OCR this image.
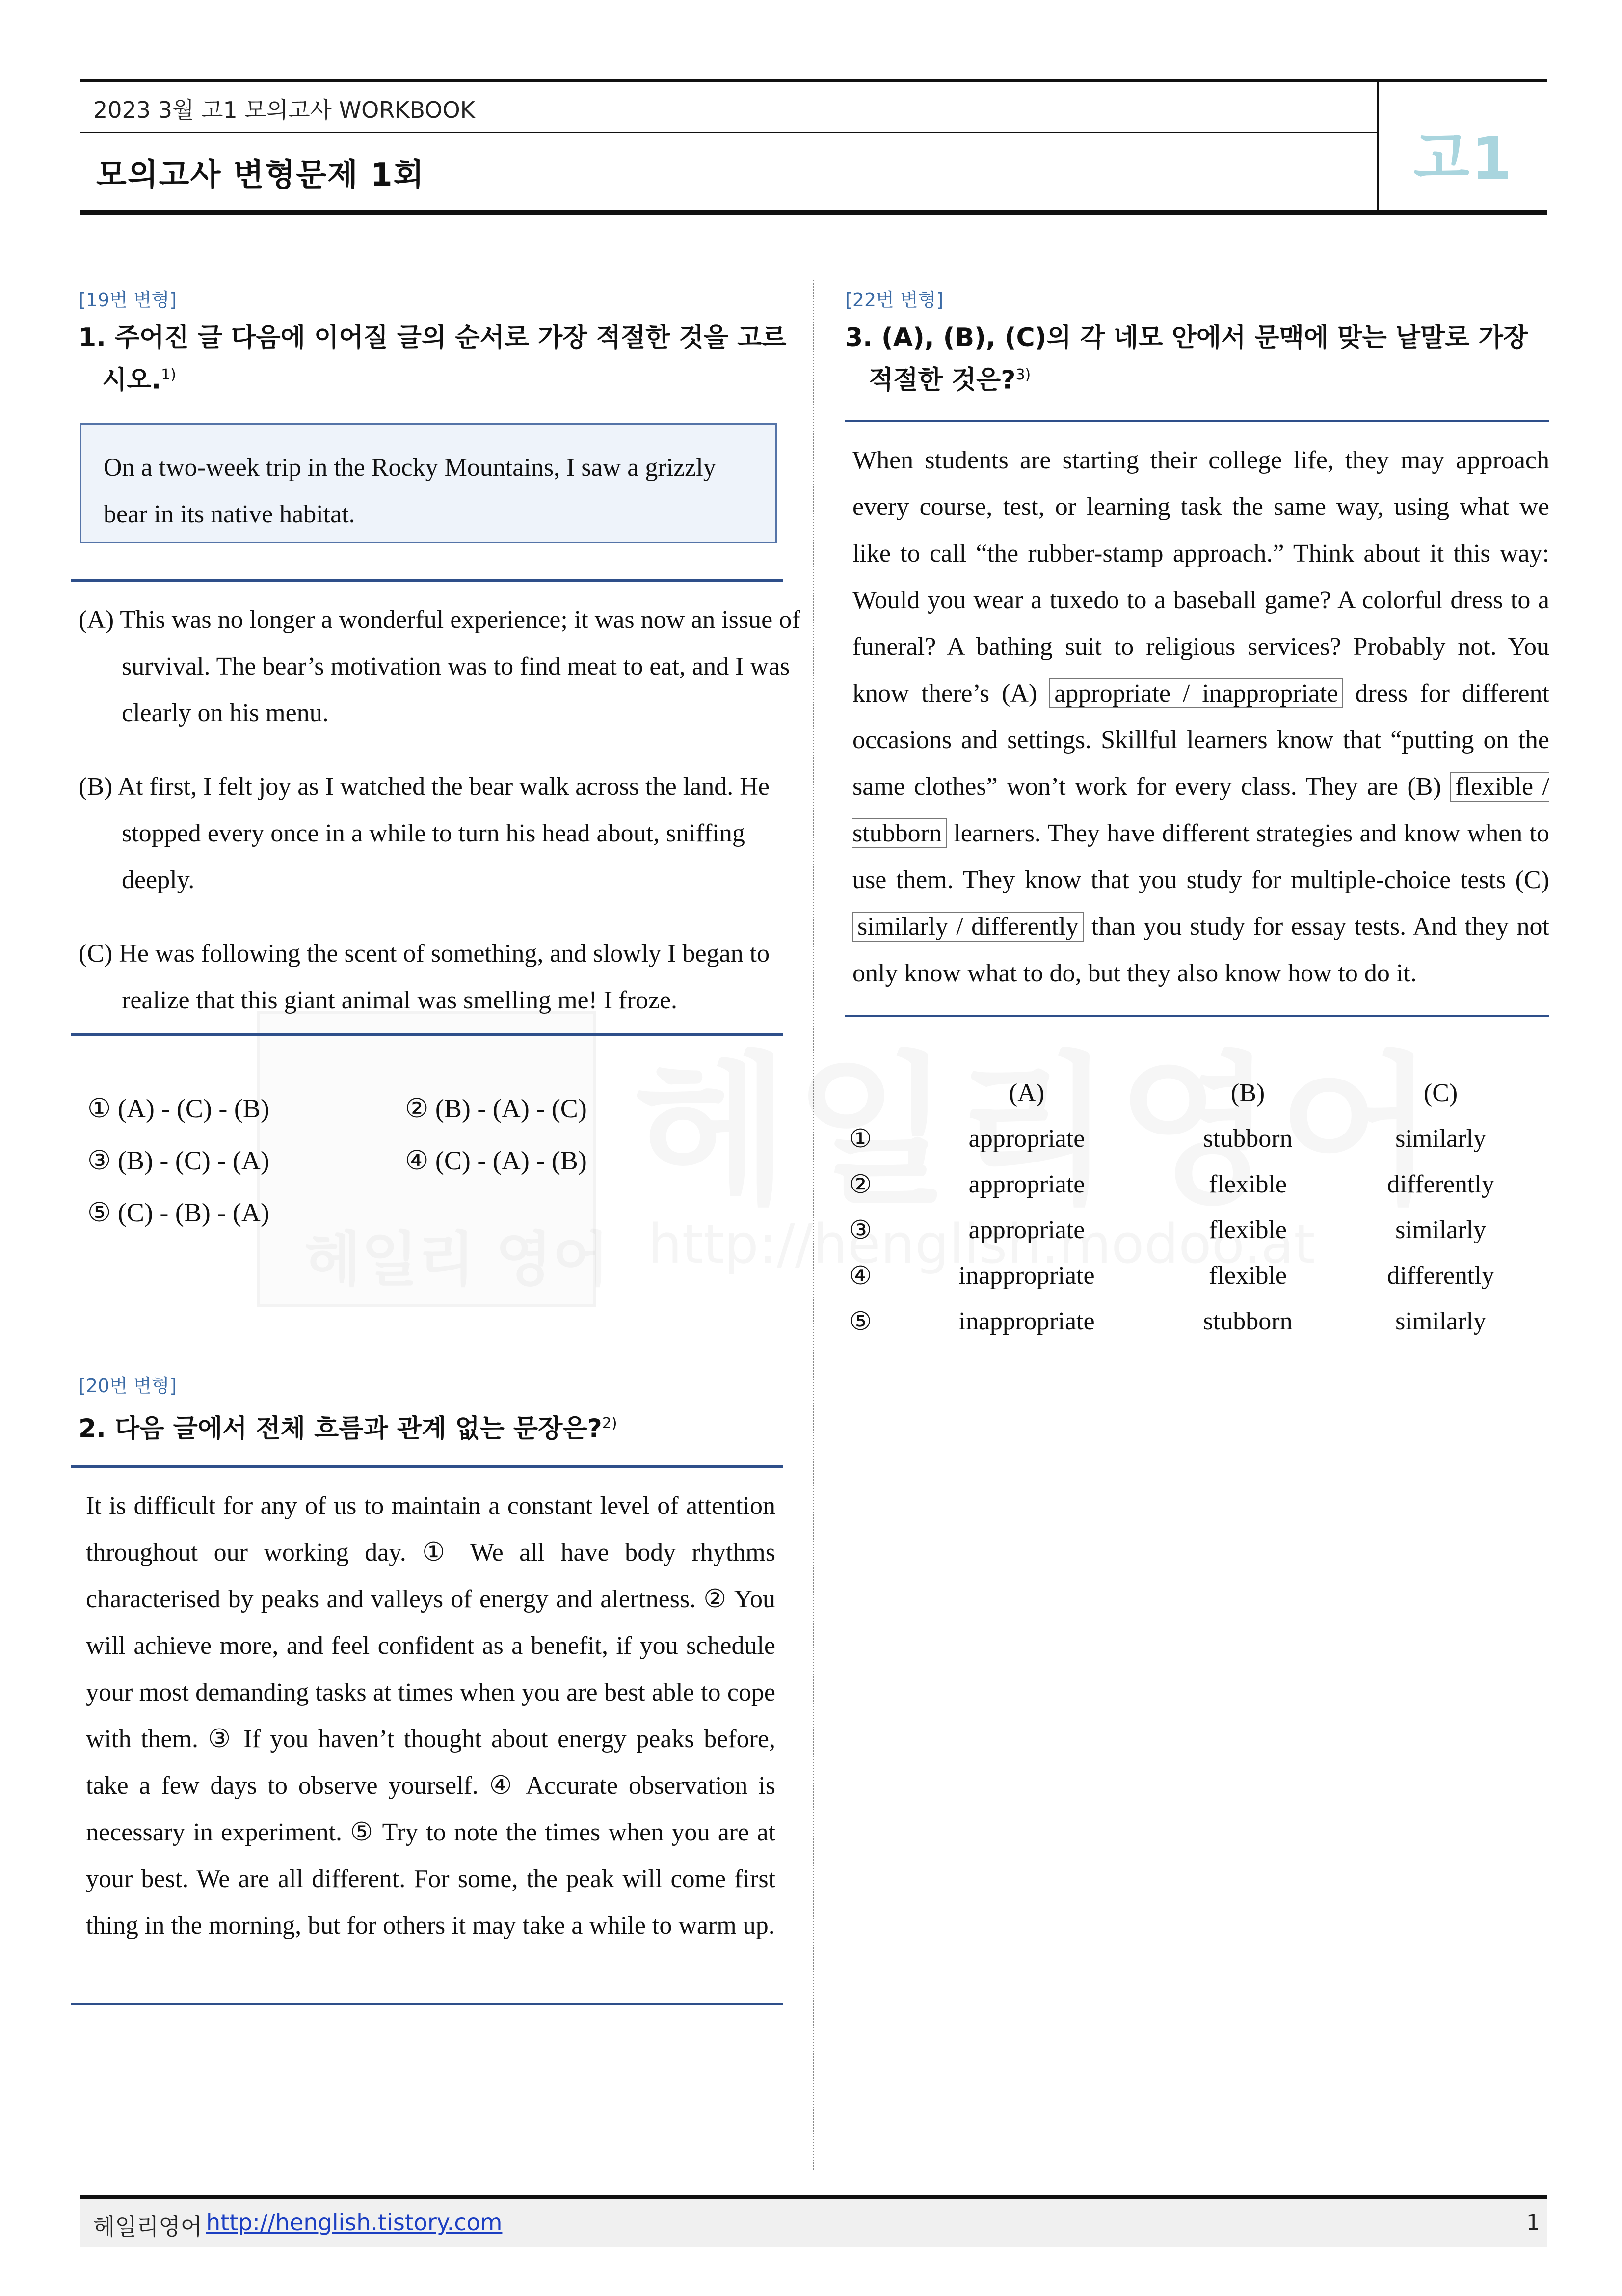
2023 3월 고1 모의고사 WORKBOOK
모의고사 변형문제 1회	고1
[19번 변형]
1. 주어진 글 다음에 이어질 글의 순서로 가장 적절한 것을 고르시오.$^{1)}$
On a two-week trip in the Rocky Mountains, I saw a grizzly bear in its native habitat.
(A) This was no longer a wonderful experience; it was now an issue of survival. The bear’s motivation was to find meat to eat, and I was clearly on his menu.
(B) At first, I felt joy as I watched the bear walk across the land. He stopped every once in a while to turn his head about, sniffing deeply.
(C) He was following the scent of something, and slowly I began to realize that this giant animal was smelling me! I froze.
① (A) - (C) - (B)	② (B) - (A) - (C)
③ (B) - (C) - (A)	④ (C) - (A) - (B)
⑤ (C) - (B) - (A)
[20번 변형]
2. 다음 글에서 전체 흐름과 관계 없는 문장은?$^{2)}$
It is difficult for any of us to maintain a constant level of attention throughout our working day. ① We all have body rhythms characterised by peaks and valleys of energy and alertness. ② You will achieve more, and feel confident as a benefit, if you schedule your most demanding tasks at times when you are best able to cope with them. ③ If you haven’t thought about energy peaks before, take a few days to observe yourself. ④ Accurate observation is necessary in experiment. ⑤ Try to note the times when you are at your best. We are all different. For some, the peak will come first thing in the morning, but for others it may take a while to warm up.
[22번 변형]
3. (A), (B), (C)의 각 네모 안에서 문맥에 맞는 낱말로 가장 적절한 것은?$^{3)}$
When students are starting their college life, they may approach every course, test, or learning task the same way, using what we like to call “the rubber-stamp approach.” Think about it this way: Would you wear a tuxedo to a baseball game? A colorful dress to a funeral? A bathing suit to religious services? Probably not. You know there’s (A) appropriate / inappropriate dress for different occasions and settings. Skillful learners know that “putting on the same clothes” won’t work for every class. They are (B) flexible / stubborn learners. They have different strategies and know when to use them. They know that you study for multiple-choice tests (C) similarly / differently than you study for essay tests. And they not only know what to do, but they also know how to do it.
	(A)	(B)	(C)
①	appropriate	stubborn	similarly
②	appropriate	flexible	differently
③	appropriate	flexible	similarly
④	inappropriate	flexible	differently
⑤	inappropriate	stubborn	similarly
헤일리영어 http://henglish.tistory.com	1
